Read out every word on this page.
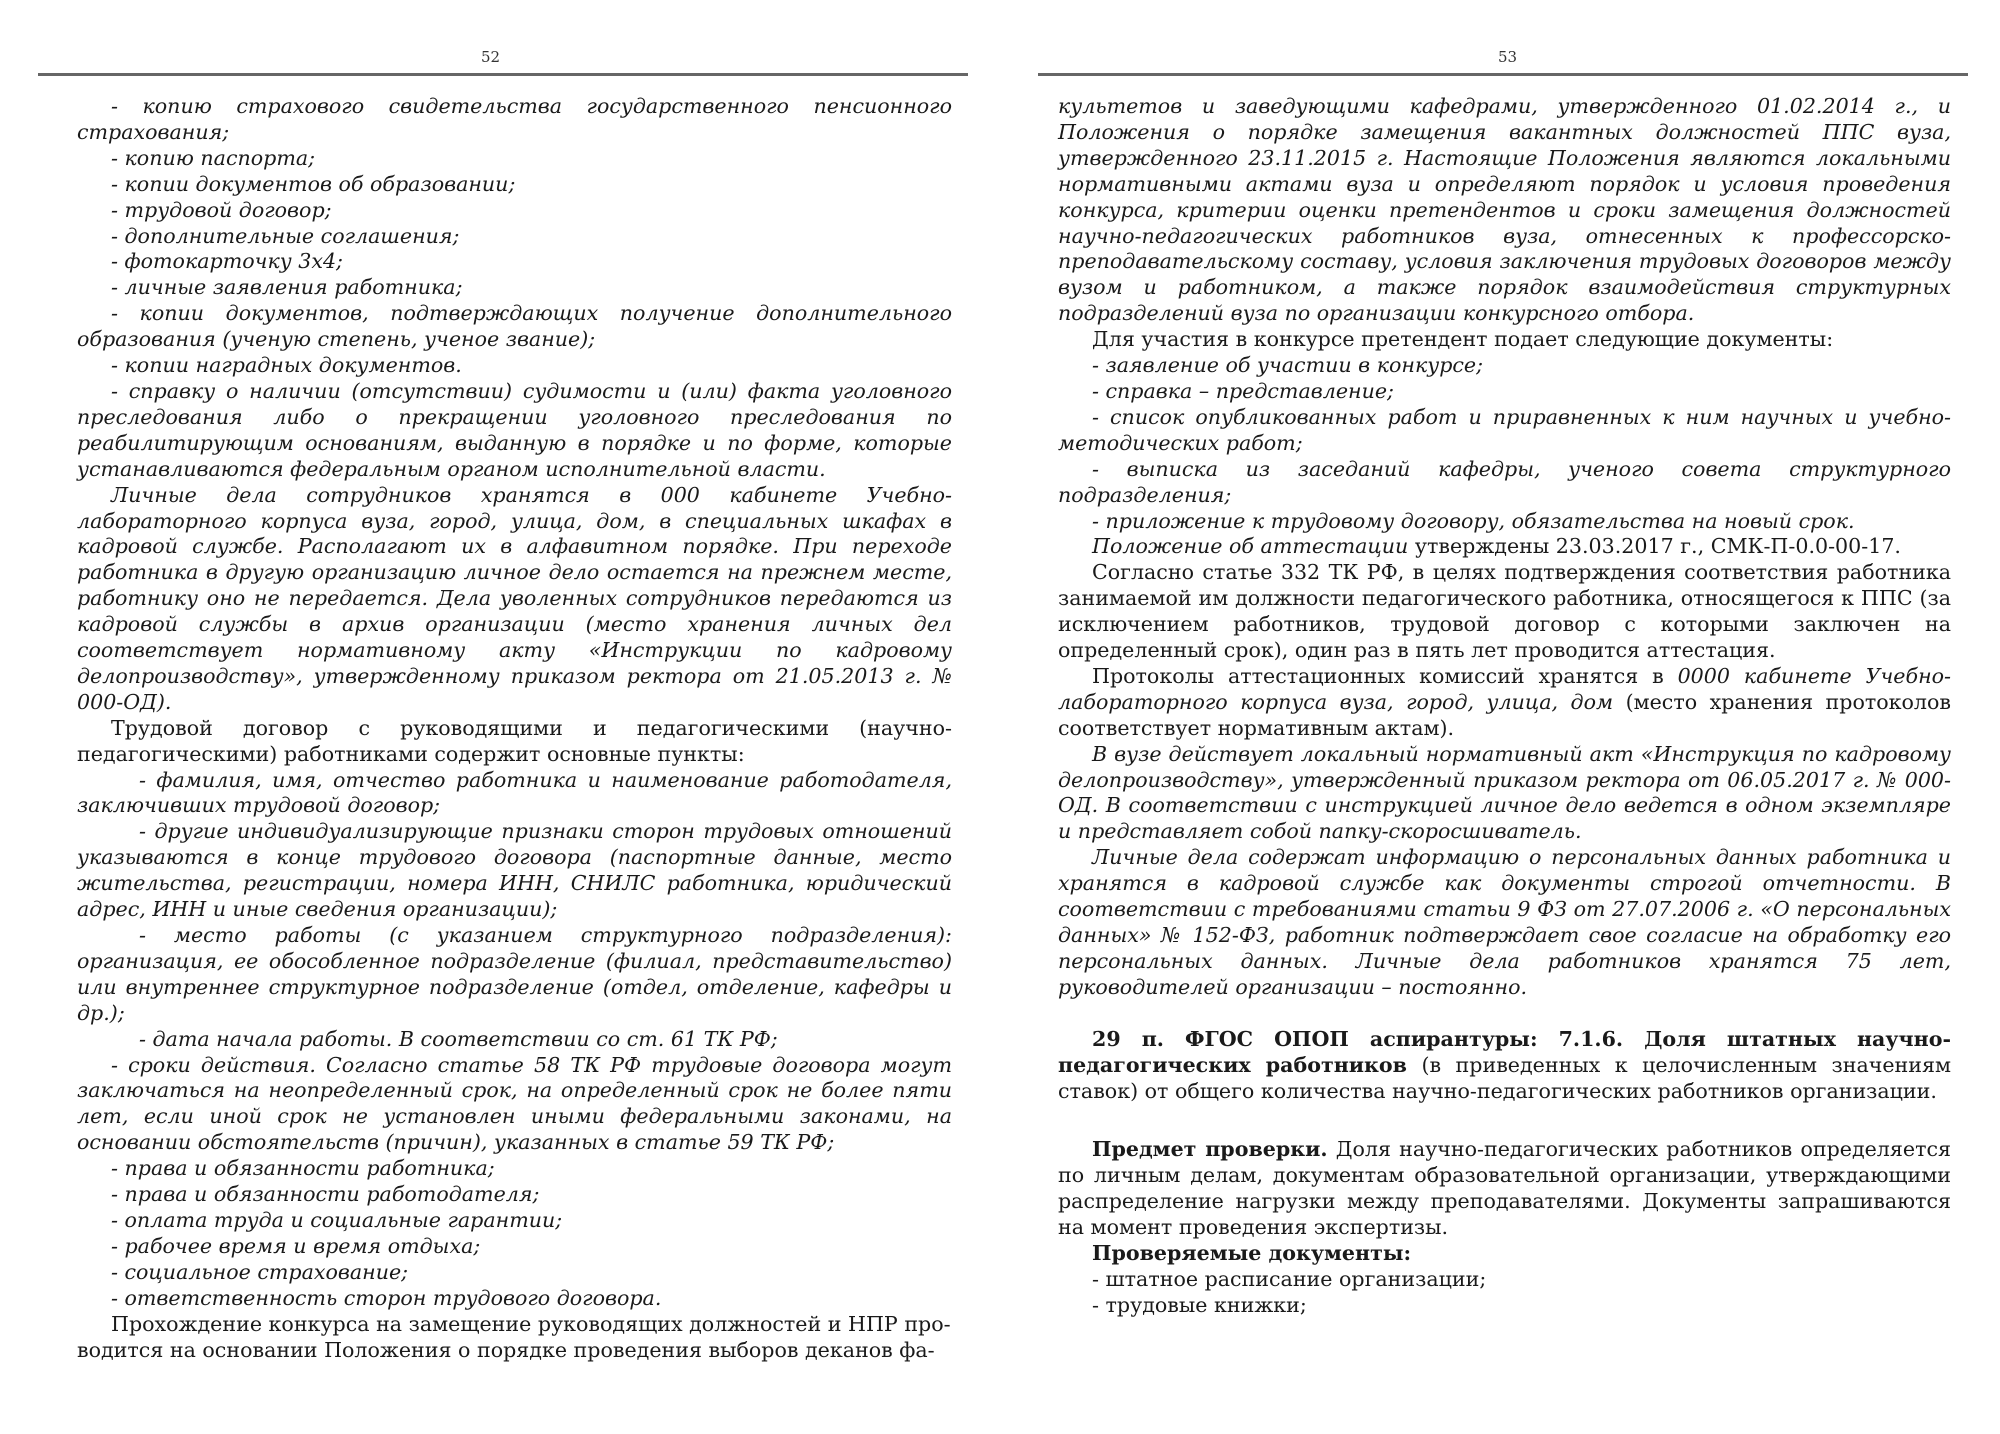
52

- копию страхового свидетельства государственного пенсионного страхования;

- копию паспорта;

- копии документов об образовании;

- трудовой договор;

- дополнительные соглашения;

- фотокарточку 3х4;

- личные заявления работника;

- копии документов, подтверждающих получение дополнительного образования (ученую степень, ученое звание);

- копии наградных документов.

- справку о наличии (отсутствии) судимости и (или) факта уголовного преследования либо о прекращении уголовного преследования по реабилитирующим основаниям, выданную в порядке и по форме, которые устанавливаются федеральным органом исполнительной власти.

Личные дела сотрудников хранятся в 000 кабинете Учебно-лабораторного корпуса вуза, город, улица, дом, в специальных шкафах в кадровой службе. Располагают их в алфавитном порядке. При переходе работника в другую организацию личное дело остается на прежнем месте, работнику оно не передается. Дела уволенных сотрудников передаются из кадровой службы в архив организации (место хранения личных дел соответствует нормативному акту «Инструкции по кадровому делопроизводству», утвержденному приказом ректора от 21.05.2013 г. № 000-ОД).

Трудовой договор с руководящими и педагогическими (научно-педагогическими) работниками содержит основные пункты:

- фамилия, имя, отчество работника и наименование работодателя, заключивших трудовой договор;

- другие индивидуализирующие признаки сторон трудовых отношений указываются в конце трудового договора (паспортные данные, место жительства, регистрации, номера ИНН, СНИЛС работника, юридический адрес, ИНН и иные сведения организации);

- место работы (с указанием структурного подразделения): организация, ее обособленное подразделение (филиал, представительство) или внутреннее структурное подразделение (отдел, отделение, кафедры и др.);

- дата начала работы. В соответствии со ст. 61 ТК РФ;

- сроки действия. Согласно статье 58 ТК РФ трудовые договора могут заключаться на неопределенный срок, на определенный срок не более пяти лет, если иной срок не установлен иными федеральными законами, на основании обстоятельств (причин), указанных в статье 59 ТК РФ;

- права и обязанности работника;

- права и обязанности работодателя;

- оплата труда и социальные гарантии;

- рабочее время и время отдыха;

- социальное страхование;

- ответственность сторон трудового договора.

Прохождение конкурса на замещение руководящих должностей и НПР про-

водится на основании Положения о порядке проведения выборов деканов фа-

53

культетов и заведующими кафедрами, утвержденного 01.02.2014 г., и Положения о порядке замещения вакантных должностей ППС вуза, утвержденного 23.11.2015 г. Настоящие Положения являются локальными нормативными актами вуза и определяют порядок и условия проведения конкурса, критерии оценки претендентов и сроки замещения должностей научно-педагогических работников вуза, отнесенных к профессорско-преподавательскому составу, условия заключения трудовых договоров между вузом и работником, а также порядок взаимодействия структурных подразделений вуза по организации конкурсного отбора.

Для участия в конкурсе претендент подает следующие документы:

- заявление об участии в конкурсе;

- справка – представление;

- список опубликованных работ и приравненных к ним научных и учебно-методических работ;

- выписка из заседаний кафедры, ученого совета структурного подразделения;

- приложение к трудовому договору, обязательства на новый срок.

Положение об аттестации утверждены 23.03.2017 г., СМК-П-0.0-00-17.

Согласно статье 332 ТК РФ, в целях подтверждения соответствия работника занимаемой им должности педагогического работника, относящегося к ППС (за исключением работников, трудовой договор с которыми заключен на определенный срок), один раз в пять лет проводится аттестация.

Протоколы аттестационных комиссий хранятся в 0000 кабинете Учебно-лабораторного корпуса вуза, город, улица, дом (место хранения протоколов соответствует нормативным актам).

В вузе действует локальный нормативный акт «Инструкция по кадровому делопроизводству», утвержденный приказом ректора от 06.05.2017 г. № 000-ОД. В соответствии с инструкцией личное дело ведется в одном экземпляре и представляет собой папку-скоросшиватель.

Личные дела содержат информацию о персональных данных работника и хранятся в кадровой службе как документы строгой отчетности. В соответствии с требованиями статьи 9 ФЗ от 27.07.2006 г. «О персональных данных» № 152-ФЗ, работник подтверждает свое согласие на обработку его персональных данных. Личные дела работников хранятся 75 лет, руководителей организации – постоянно.

29 п. ФГОС ОПОП аспирантуры: 7.1.6. Доля штатных научно-педагогических работников (в приведенных к целочисленным значениям ставок) от общего количества научно-педагогических работников организации.

Предмет проверки. Доля научно-педагогических работников определяется по личным делам, документам образовательной организации, утверждающими распределение нагрузки между преподавателями. Документы запрашиваются на момент проведения экспертизы.

Проверяемые документы:

- штатное расписание организации;

- трудовые книжки;
